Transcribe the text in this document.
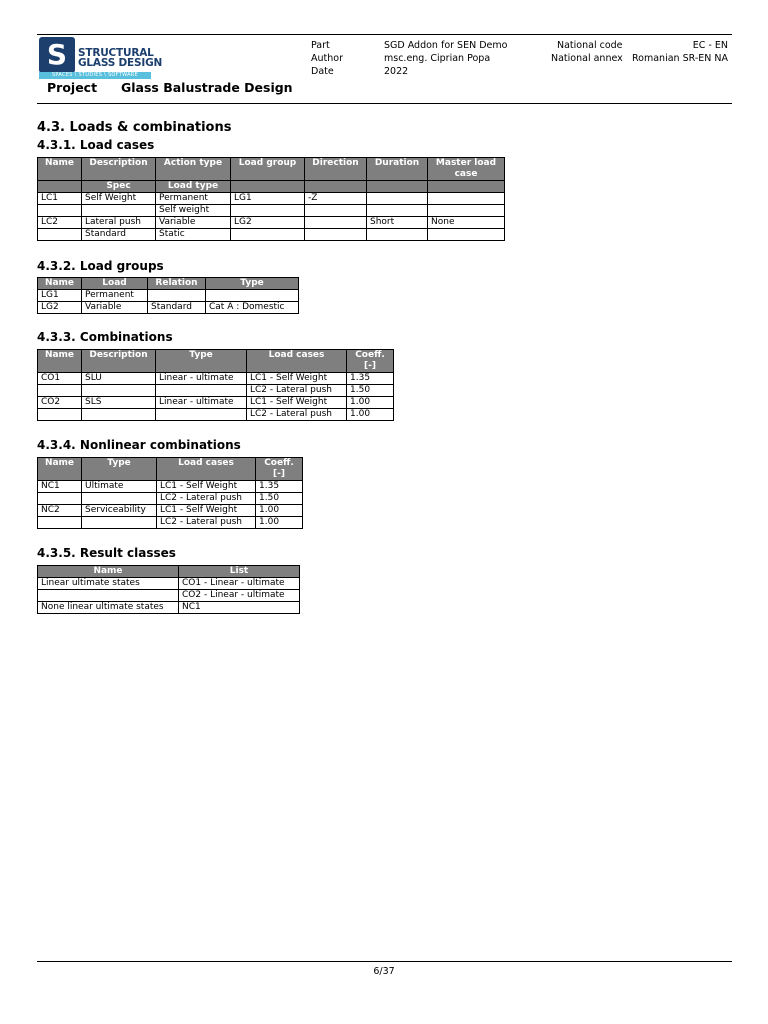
S	STRUCTURAL
GLASS DESIGN
SPACES \ STUDIES \ SOFTWARE
Project Glass Balustrade Design
Part	SGD Addon for SEN Demo
Author	msc.eng. Ciprian Popa
Date	2022
National code	EC - EN
National annex Romanian SR-EN NA
4.3. Loads & combinations
4.3.1. Load cases
Name	Description	Action type	Load group	Direction	Duration	Master load case
	Spec	Load type				
LC1	Self Weight	Permanent	LG1	-Z		
		Self weight				
LC2	Lateral push	Variable	LG2		Short	None
	Standard	Static				
4.3.2. Load groups
Name	Load	Relation	Type
LG1	Permanent		
LG2	Variable	Standard	Cat A : Domestic
4.3.3. Combinations
Name	Description	Type	Load cases	Coeff. [-]
CO1	SLU	Linear - ultimate	LC1 - Self Weight	1.35
			LC2 - Lateral push	1.50
CO2	SLS	Linear - ultimate	LC1 - Self Weight	1.00
			LC2 - Lateral push	1.00
4.3.4. Nonlinear combinations
Name	Type	Load cases	Coeff. [-]
NC1	Ultimate	LC1 - Self Weight	1.35
		LC2 - Lateral push	1.50
NC2	Serviceability	LC1 - Self Weight	1.00
		LC2 - Lateral push	1.00
4.3.5. Result classes
Name	List
Linear ultimate states	CO1 - Linear - ultimate
	CO2 - Linear - ultimate
None linear ultimate states	NC1
6/37
